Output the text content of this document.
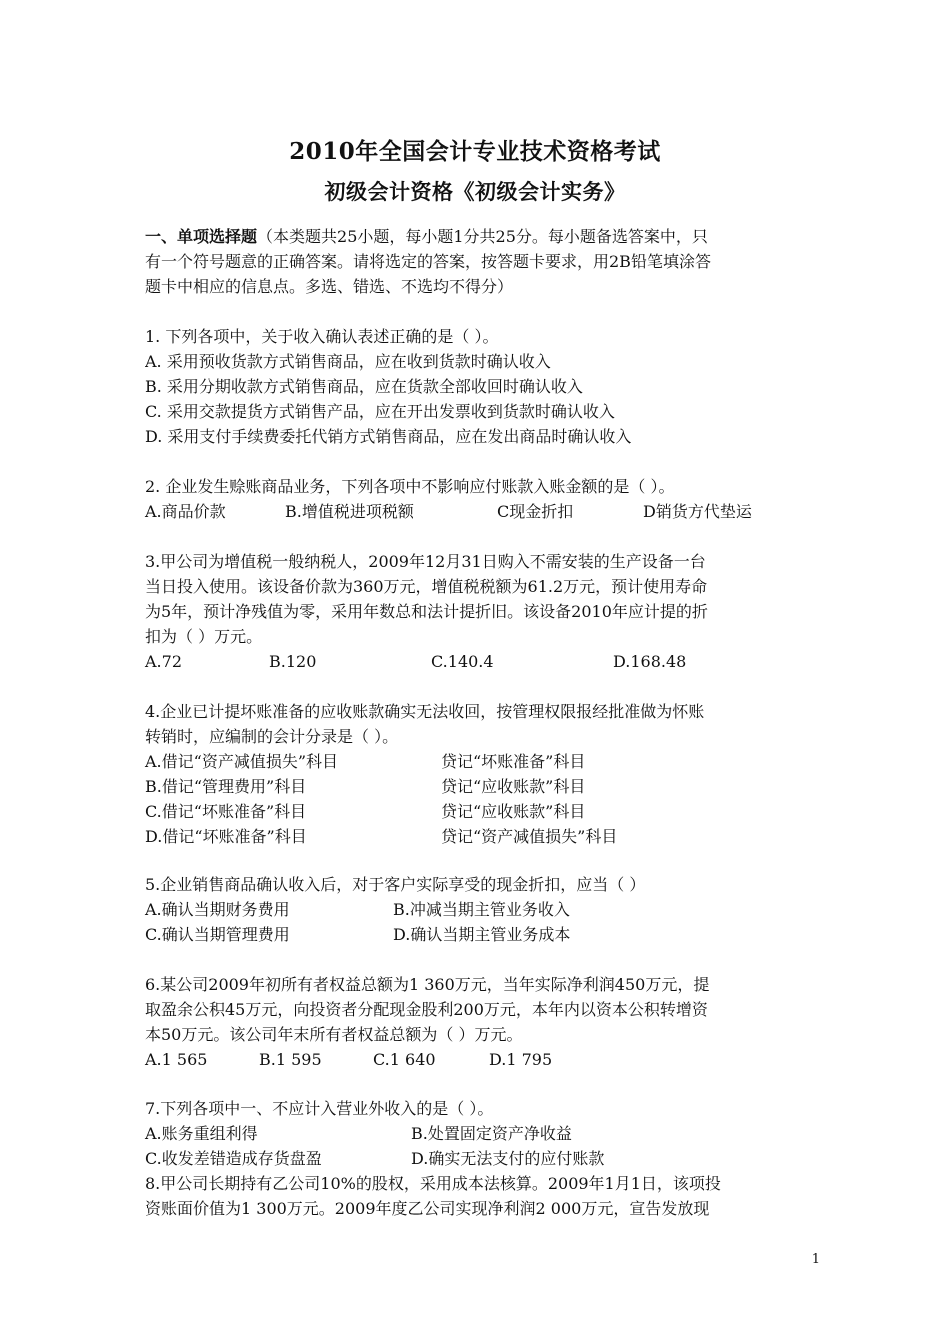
2010年全国会计专业技术资格考试
初级会计资格《初级会计实务》
一、单项选择题（本类题共25小题，每小题1分共25分。每小题备选答案中，只
有一个符号题意的正确答案。请将选定的答案，按答题卡要求，用2B铅笔填涂答
题卡中相应的信息点。多选、错选、不选均不得分）
1. 下列各项中，关于收入确认表述正确的是（ ）。
A. 采用预收货款方式销售商品，应在收到货款时确认收入
B. 采用分期收款方式销售商品，应在货款全部收回时确认收入
C. 采用交款提货方式销售产品，应在开出发票收到货款时确认收入
D. 采用支付手续费委托代销方式销售商品，应在发出商品时确认收入
2. 企业发生赊账商品业务，下列各项中不影响应付账款入账金额的是（ ）。
A.商品价款	B.增值税进项税额	C现金折扣	D销货方代垫运
3.甲公司为增值税一般纳税人，2009年12月31日购入不需安装的生产设备一台
当日投入使用。该设备价款为360万元，增值税税额为61.2万元，预计使用寿命
为5年，预计净残值为零，采用年数总和法计提折旧。该设备2010年应计提的折
扣为（ ）万元。
A.72	B.120	C.140.4	D.168.48
4.企业已计提坏账准备的应收账款确实无法收回，按管理权限报经批准做为怀账
转销时，应编制的会计分录是（ ）。
A.借记“资产减值损失”科目	贷记“坏账准备”科目
B.借记“管理费用”科目	贷记“应收账款”科目
C.借记“坏账准备”科目	贷记“应收账款”科目
D.借记“坏账准备”科目	贷记“资产减值损失”科目
5.企业销售商品确认收入后，对于客户实际享受的现金折扣，应当（ ）
A.确认当期财务费用	B.冲减当期主管业务收入
C.确认当期管理费用	D.确认当期主管业务成本
6.某公司2009年初所有者权益总额为1 360万元，当年实际净利润450万元，提
取盈余公积45万元，向投资者分配现金股利200万元，本年内以资本公积转增资
本50万元。该公司年末所有者权益总额为（ ）万元。
A.1 565	B.1 595	C.1 640	D.1 795
7.下列各项中一、不应计入营业外收入的是（ ）。
A.账务重组利得	B.处置固定资产净收益
C.收发差错造成存货盘盈	D.确实无法支付的应付账款
8.甲公司长期持有乙公司10%的股权，采用成本法核算。2009年1月1日，该项投
资账面价值为1 300万元。2009年度乙公司实现净利润2 000万元，宣告发放现
1
